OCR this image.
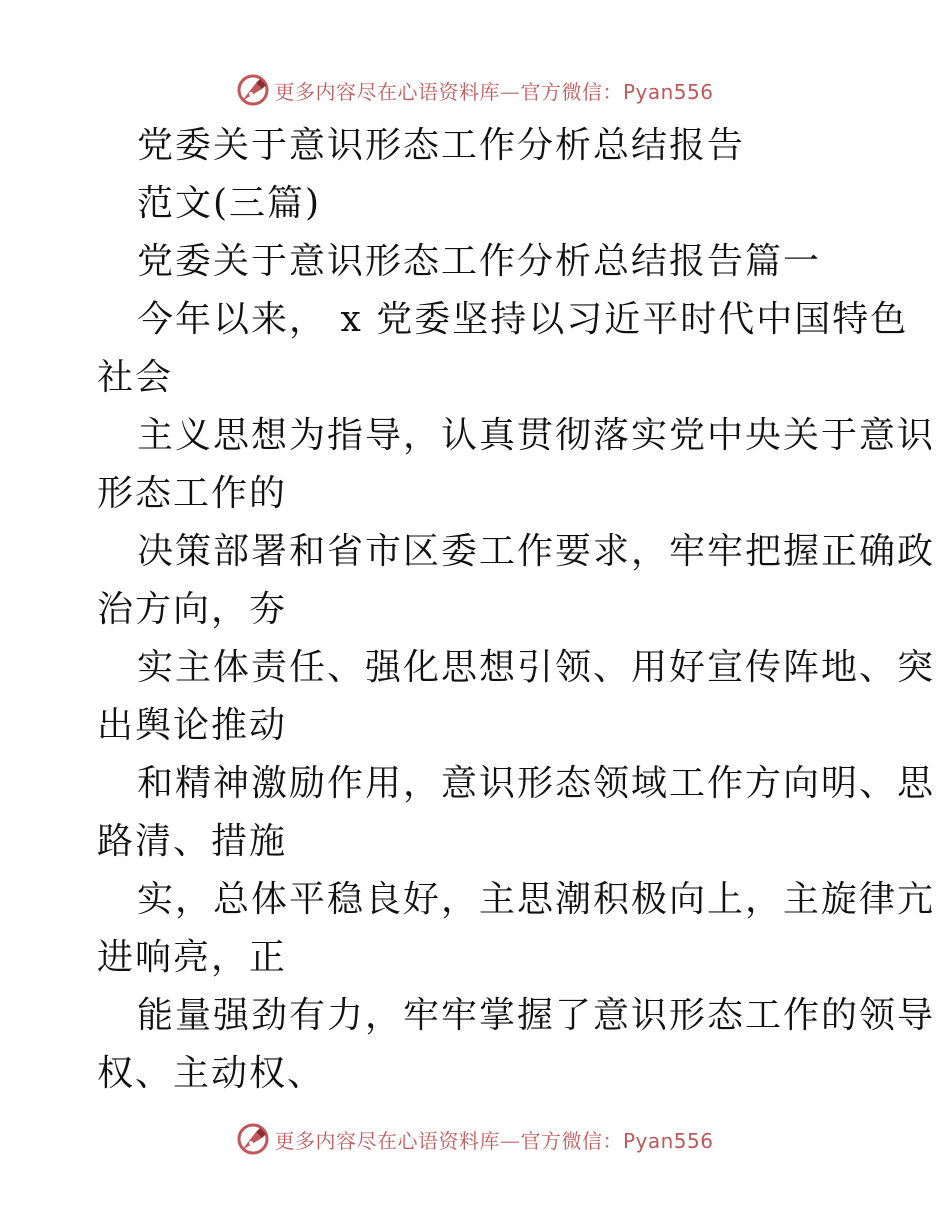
更多内容尽在心语资料库—官方微信：Pyan556
党委关于意识形态工作分析总结报告
范文(三篇)
党委关于意识形态工作分析总结报告篇一
今年以来， x 党委坚持以习近平时代中国特色
社会
主义思想为指导，认真贯彻落实党中央关于意识
形态工作的
决策部署和省市区委工作要求，牢牢把握正确政
治方向，夯
实主体责任、强化思想引领、用好宣传阵地、突
出舆论推动
和精神激励作用，意识形态领域工作方向明、思
路清、措施
实，总体平稳良好，主思潮积极向上，主旋律亢
进响亮，正
能量强劲有力，牢牢掌握了意识形态工作的领导
权、主动权、
更多内容尽在心语资料库—官方微信：Pyan556
